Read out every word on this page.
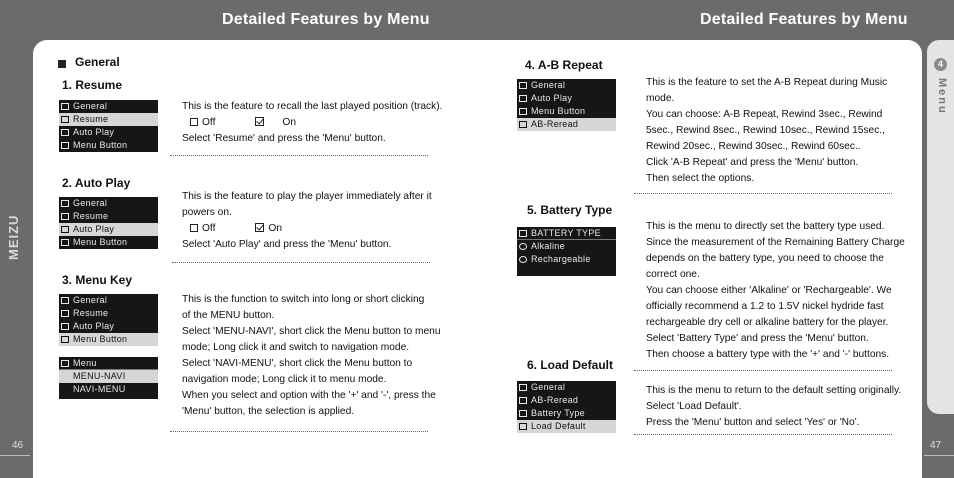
Detailed Features by Menu	Detailed Features by Menu
MEIZU
4
Menu
46	47
General
1. Resume
General
Resume
Auto Play
Menu Button
This is the feature to recall the last played position (track).
Off	On
Select 'Resume' and press the 'Menu' button.
2. Auto Play
General
Resume
Auto Play
Menu Button
This is the feature to play the player immediately after it
powers on.
Off	On
Select 'Auto Play' and press the 'Menu' button.
3. Menu Key
General
Resume
Auto Play
Menu Button
Menu
MENU-NAVI
NAVI-MENU
This is the function to switch into long or short clicking
of the MENU button.
Select 'MENU-NAVI', short click the Menu button to menu
mode; Long click it and switch to navigation mode.
Select 'NAVI-MENU', short click the Menu button to
navigation mode; Long click it to menu mode.
When you select and option with the '+' and '-', press the
'Menu' button, the selection is applied.
4. A-B Repeat
General
Auto Play
Menu Button
AB-Reread
This is the feature to set the A-B Repeat during Music
mode.
You can choose: A-B Repeat, Rewind 3sec., Rewind
5sec., Rewind 8sec., Rewind 10sec., Rewind 15sec.,
Rewind 20sec., Rewind 30sec., Rewind 60sec..
Click 'A-B Repeat' and press the 'Menu' button.
Then select the options.
5. Battery Type
BATTERY TYPE
Alkaline
Rechargeable
This is the menu to directly set the battery type used.
Since the measurement of the Remaining Battery Charge
depends on the battery type, you need to choose the
correct one.
You can choose either 'Alkaline' or 'Rechargeable'. We
officially recommend a 1.2 to 1.5V nickel hydride fast
rechargeable dry cell or alkaline battery for the player.
Select 'Battery Type' and press the 'Menu' button.
Then choose a battery type with the '+' and '-' buttons.
6. Load Default
General
AB-Reread
Battery Type
Load Default
This is the menu to return to the default setting originally.
Select 'Load Default'.
Press the 'Menu' button and select 'Yes' or 'No'.
